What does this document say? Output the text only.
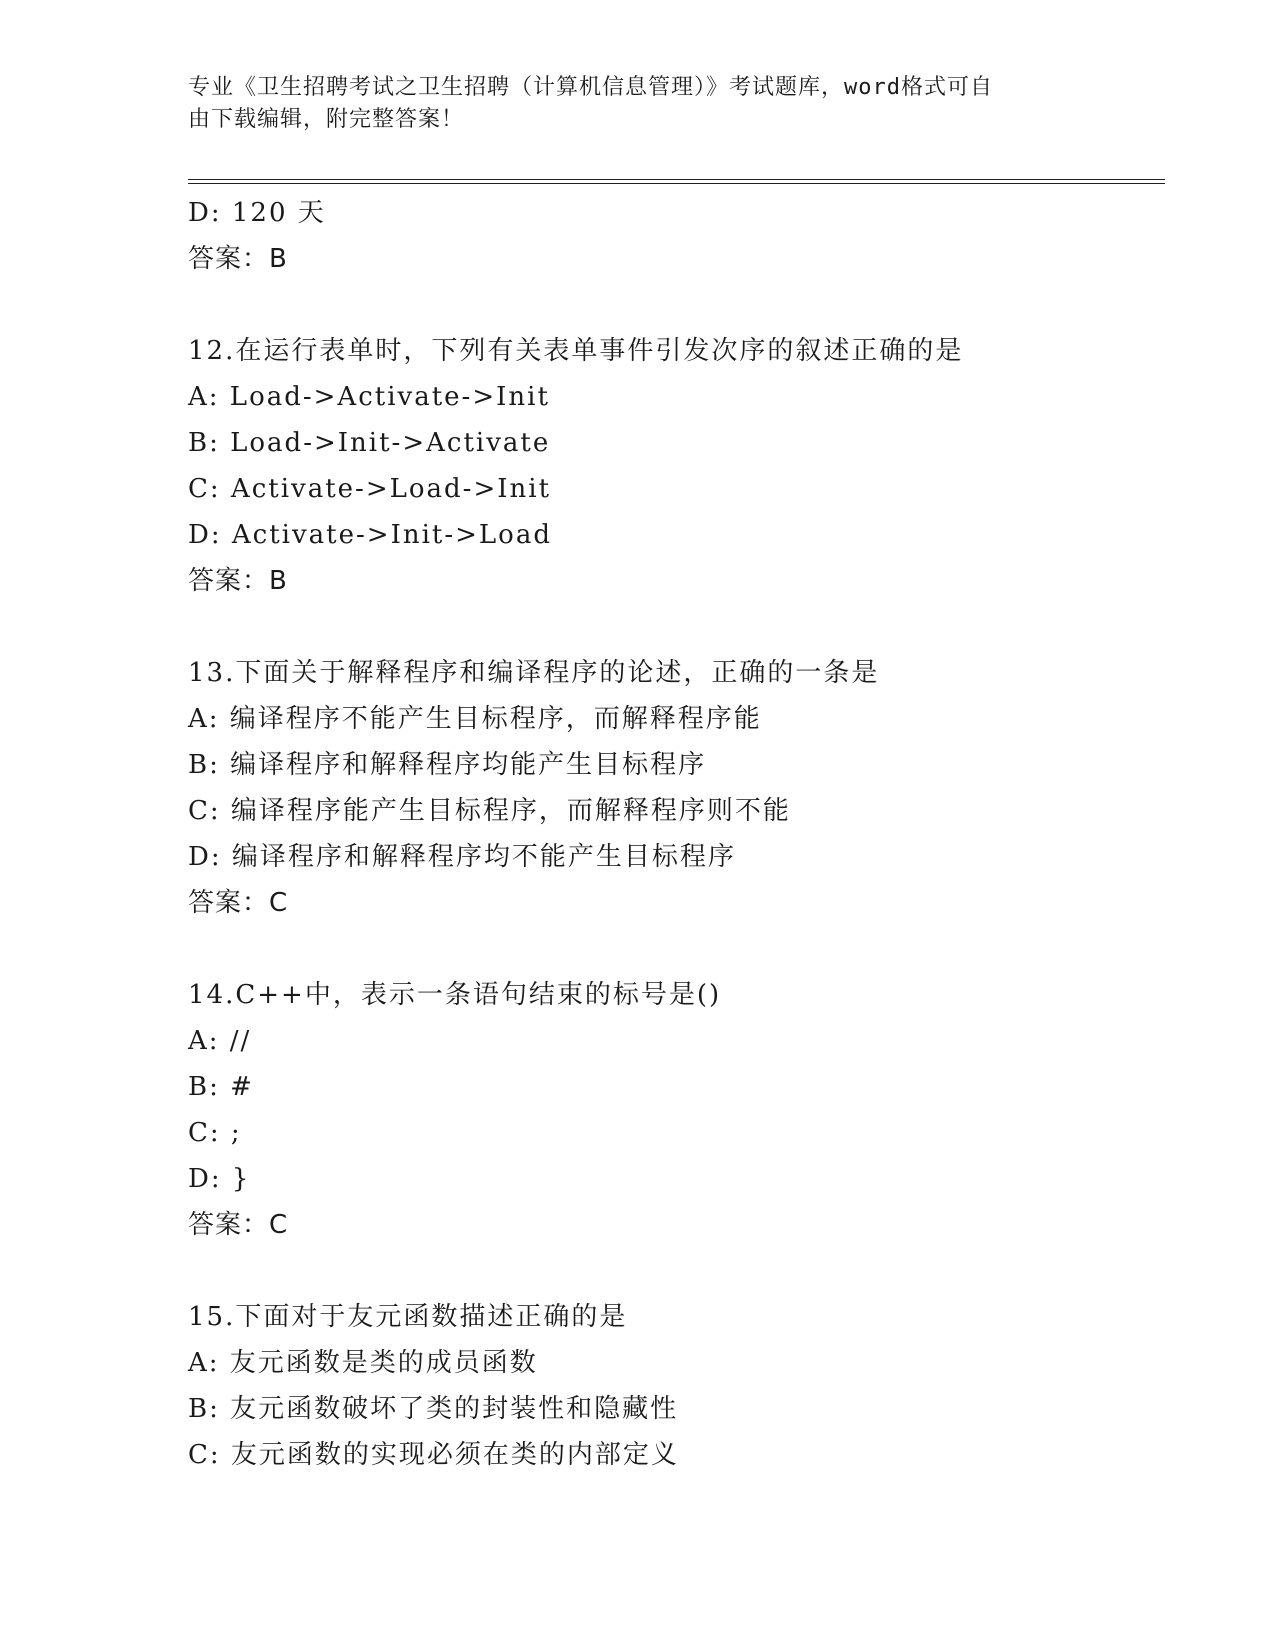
专业《卫生招聘考试之卫生招聘（计算机信息管理）》考试题库，word格式可自
由下载编辑，附完整答案！
D: 120 天
答案：B
12.在运行表单时，下列有关表单事件引发次序的叙述正确的是
A: Load->Activate->Init
B: Load->Init->Activate
C: Activate->Load->Init
D: Activate->Init->Load
答案：B
13.下面关于解释程序和编译程序的论述，正确的一条是
A: 编译程序不能产生目标程序，而解释程序能
B: 编译程序和解释程序均能产生目标程序
C: 编译程序能产生目标程序，而解释程序则不能
D: 编译程序和解释程序均不能产生目标程序
答案：C
14.C++中，表示一条语句结束的标号是()
A: //
B: #
C: ;
D: }
答案：C
15.下面对于友元函数描述正确的是
A: 友元函数是类的成员函数
B: 友元函数破坏了类的封装性和隐藏性
C: 友元函数的实现必须在类的内部定义
